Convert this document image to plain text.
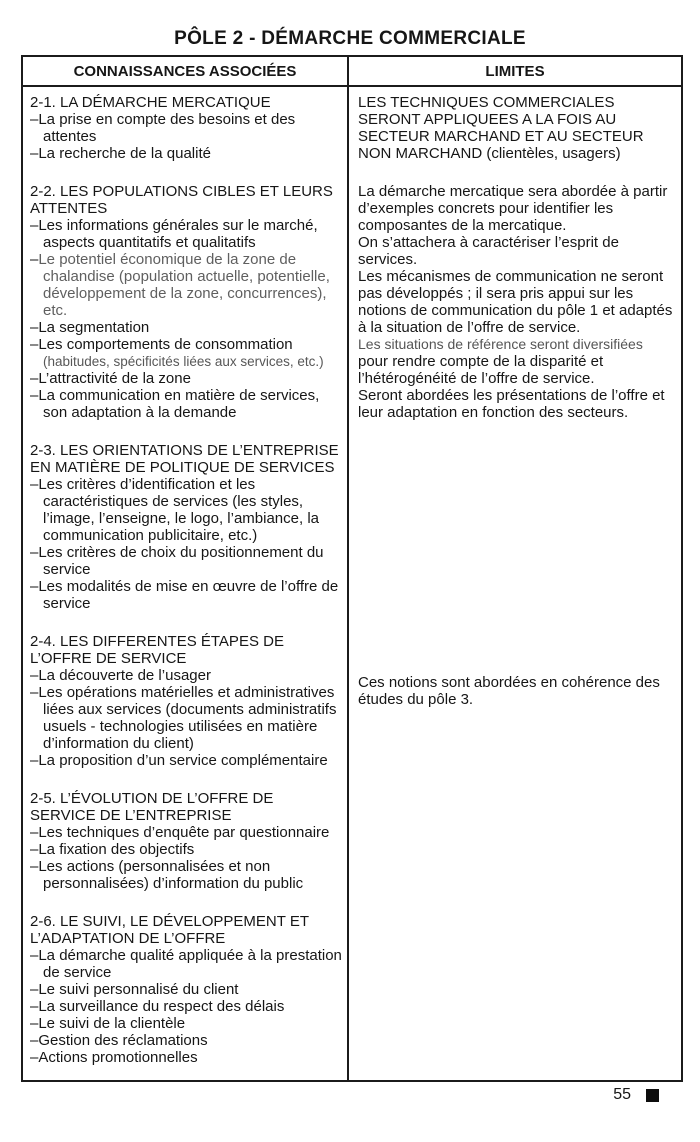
PÔLE 2 - DÉMARCHE COMMERCIALE
CONNAISSANCES ASSOCIÉES	LIMITES
2-1. LA DÉMARCHE MERCATIQUE
– La prise en compte des besoins et des attentes
– La recherche de la qualité

LES TECHNIQUES COMMERCIALES SERONT APPLIQUEES A LA FOIS AU SECTEUR MARCHAND ET AU SECTEUR NON MARCHAND (clientèles, usagers)

2-2. LES POPULATIONS CIBLES ET LEURS ATTENTES
– Les informations générales sur le marché, aspects quantitatifs et qualitatifs
– Le potentiel économique de la zone de chalandise (population actuelle, potentielle, développement de la zone, concurrences), etc.
– La segmentation
– Les comportements de consommation (habitudes, spécificités liées aux services, etc.)
– L’attractivité de la zone
– La communication en matière de services, son adaptation à la demande

La démarche mercatique sera abordée à partir d’exemples concrets pour identifier les composantes de la mercatique.

On s’attachera à caractériser l’esprit de services.

Les mécanismes de communication ne seront pas développés ; il sera pris appui sur les notions de communication du pôle 1 et adaptés à la situation de l’offre de service.

Les situations de référence seront diversifiées pour rendre compte de la disparité et l’hétérogénéité de l’offre de service.

Seront abordées les présentations de l’offre et leur adaptation en fonction des secteurs.

2-3. LES ORIENTATIONS DE L’ENTREPRISE EN MATIÈRE DE POLITIQUE DE SERVICES
– Les critères d’identification et les caractéristiques de services (les styles, l’image, l’enseigne, le logo, l’ambiance, la communication publicitaire, etc.)
– Les critères de choix du positionnement du service
– Les modalités de mise en œuvre de l’offre de service
2-4. LES DIFFERENTES ÉTAPES DE L’OFFRE DE SERVICE
– La découverte de l’usager
– Les opérations matérielles et administratives liées aux services (documents administratifs usuels - technologies utilisées en matière d’information du client)
– La proposition d’un service complémentaire

Ces notions sont abordées en cohérence des études du pôle 3.

2-5. L’ÉVOLUTION DE L’OFFRE DE SERVICE DE L’ENTREPRISE
– Les techniques d’enquête par questionnaire
– La fixation des objectifs
– Les actions (personnalisées et non personnalisées) d’information du public
2-6. LE SUIVI, LE DÉVELOPPEMENT ET L’ADAPTATION DE L’OFFRE
– La démarche qualité appliquée à la prestation de service
– Le suivi personnalisé du client
– La surveillance du respect des délais
– Le suivi de la clientèle
– Gestion des réclamations
– Actions promotionnelles
55
